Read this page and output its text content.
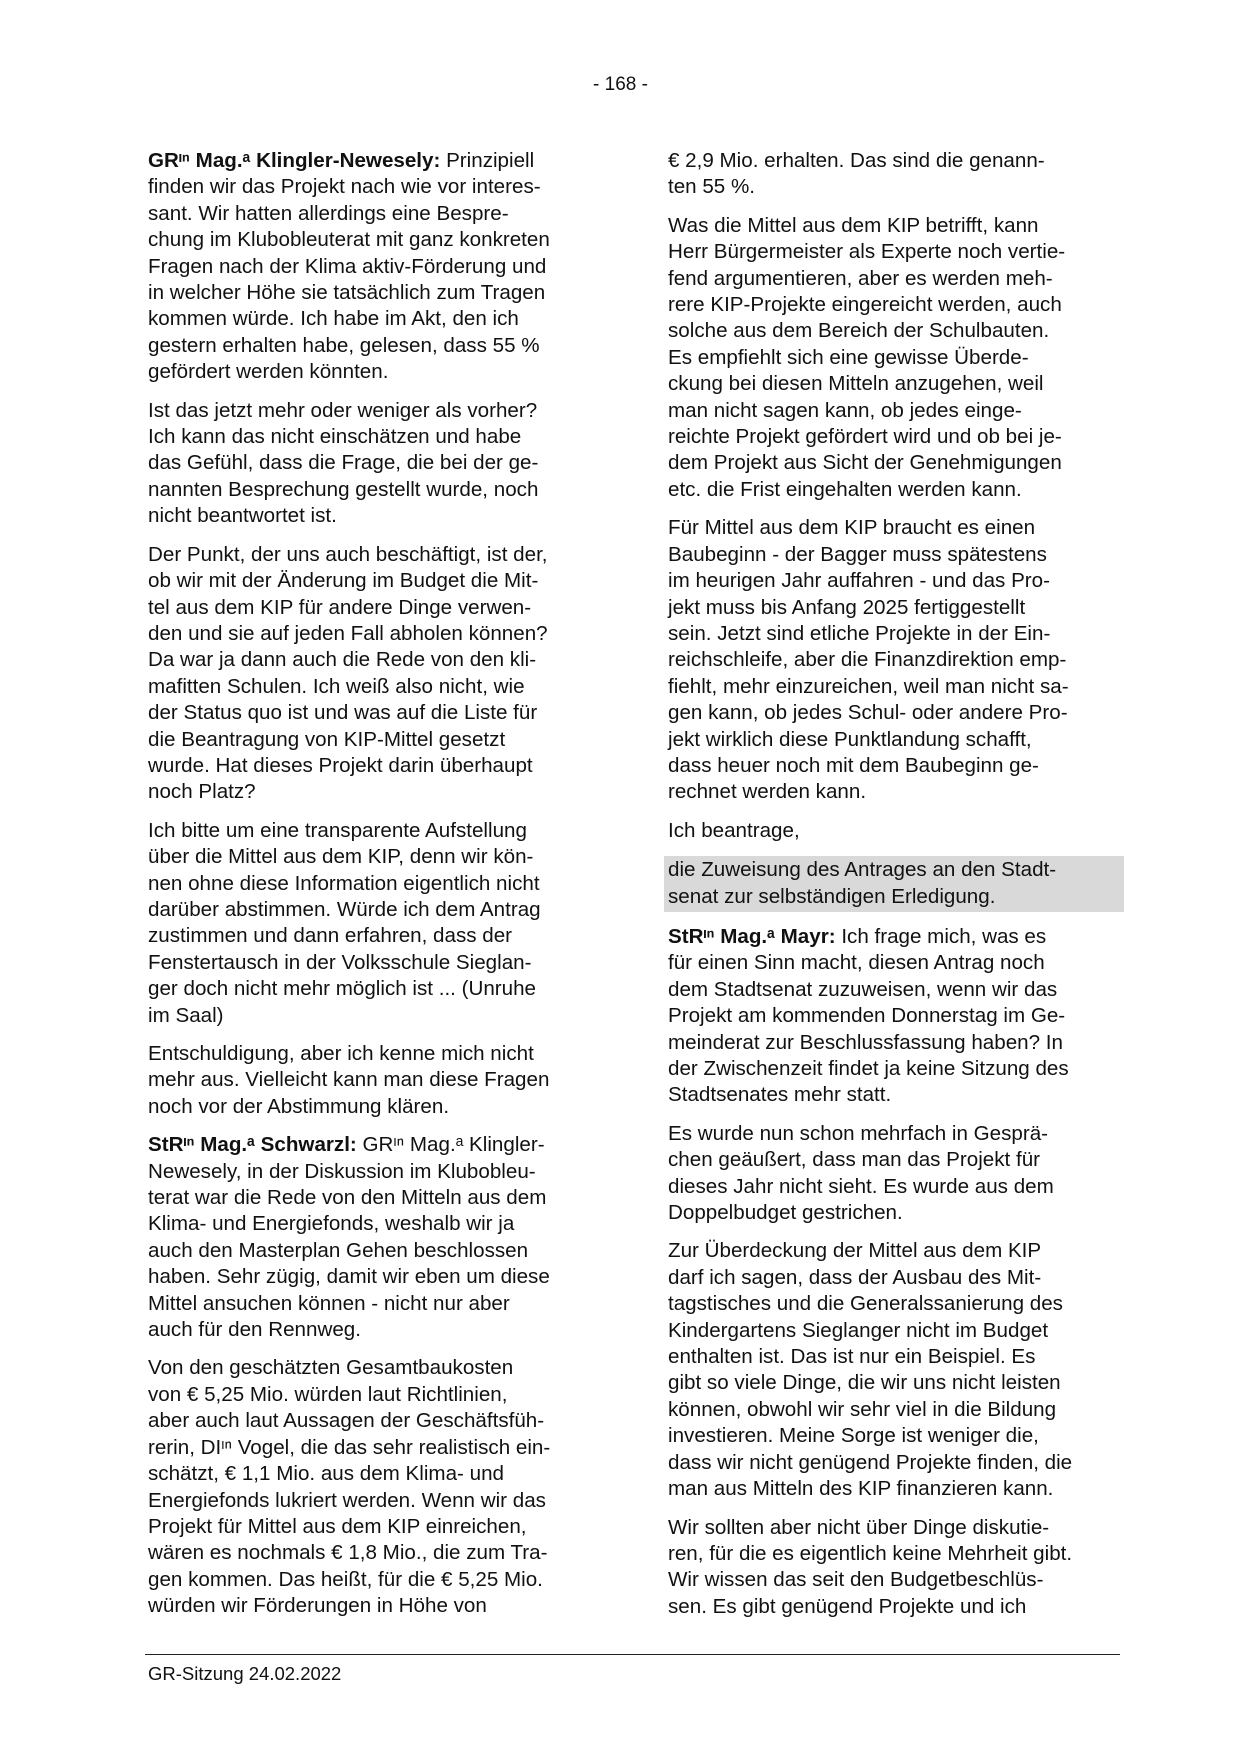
- 168 -

GRᶦⁿ Mag.ᵃ Klingler-Newesely: Prinzipiell
finden wir das Projekt nach wie vor interes-
sant. Wir hatten allerdings eine Bespre-
chung im Klubobleuterat mit ganz konkreten
Fragen nach der Klima aktiv-Förderung und
in welcher Höhe sie tatsächlich zum Tragen
kommen würde. Ich habe im Akt, den ich
gestern erhalten habe, gelesen, dass 55 %
gefördert werden könnten.

Ist das jetzt mehr oder weniger als vorher?
Ich kann das nicht einschätzen und habe
das Gefühl, dass die Frage, die bei der ge-
nannten Besprechung gestellt wurde, noch
nicht beantwortet ist.

Der Punkt, der uns auch beschäftigt, ist der,
ob wir mit der Änderung im Budget die Mit-
tel aus dem KIP für andere Dinge verwen-
den und sie auf jeden Fall abholen können?
Da war ja dann auch die Rede von den kli-
mafitten Schulen. Ich weiß also nicht, wie
der Status quo ist und was auf die Liste für
die Beantragung von KIP-Mittel gesetzt
wurde. Hat dieses Projekt darin überhaupt
noch Platz?

Ich bitte um eine transparente Aufstellung
über die Mittel aus dem KIP, denn wir kön-
nen ohne diese Information eigentlich nicht
darüber abstimmen. Würde ich dem Antrag
zustimmen und dann erfahren, dass der
Fenstertausch in der Volksschule Sieglan-
ger doch nicht mehr möglich ist ... (Unruhe
im Saal)

Entschuldigung, aber ich kenne mich nicht
mehr aus. Vielleicht kann man diese Fragen
noch vor der Abstimmung klären.

StRᶦⁿ Mag.ᵃ Schwarzl: GRᶦⁿ Mag.ᵃ Klingler-
Newesely, in der Diskussion im Klubobleu-
terat war die Rede von den Mitteln aus dem
Klima- und Energiefonds, weshalb wir ja
auch den Masterplan Gehen beschlossen
haben. Sehr zügig, damit wir eben um diese
Mittel ansuchen können - nicht nur aber
auch für den Rennweg.

Von den geschätzten Gesamtbaukosten
von € 5,25 Mio. würden laut Richtlinien,
aber auch laut Aussagen der Geschäftsfüh-
rerin, DIᶦⁿ Vogel, die das sehr realistisch ein-
schätzt, € 1,1 Mio. aus dem Klima- und
Energiefonds lukriert werden. Wenn wir das
Projekt für Mittel aus dem KIP einreichen,
wären es nochmals € 1,8 Mio., die zum Tra-
gen kommen. Das heißt, für die € 5,25 Mio.
würden wir Förderungen in Höhe von

€ 2,9 Mio. erhalten. Das sind die genann-
ten 55 %.

Was die Mittel aus dem KIP betrifft, kann
Herr Bürgermeister als Experte noch vertie-
fend argumentieren, aber es werden meh-
rere KIP-Projekte eingereicht werden, auch
solche aus dem Bereich der Schulbauten.
Es empfiehlt sich eine gewisse Überde-
ckung bei diesen Mitteln anzugehen, weil
man nicht sagen kann, ob jedes einge-
reichte Projekt gefördert wird und ob bei je-
dem Projekt aus Sicht der Genehmigungen
etc. die Frist eingehalten werden kann.

Für Mittel aus dem KIP braucht es einen
Baubeginn - der Bagger muss spätestens
im heurigen Jahr auffahren - und das Pro-
jekt muss bis Anfang 2025 fertiggestellt
sein. Jetzt sind etliche Projekte in der Ein-
reichschleife, aber die Finanzdirektion emp-
fiehlt, mehr einzureichen, weil man nicht sa-
gen kann, ob jedes Schul- oder andere Pro-
jekt wirklich diese Punktlandung schafft,
dass heuer noch mit dem Baubeginn ge-
rechnet werden kann.

Ich beantrage,

die Zuweisung des Antrages an den Stadt-
senat zur selbständigen Erledigung.

StRᶦⁿ Mag.ᵃ Mayr: Ich frage mich, was es
für einen Sinn macht, diesen Antrag noch
dem Stadtsenat zuzuweisen, wenn wir das
Projekt am kommenden Donnerstag im Ge-
meinderat zur Beschlussfassung haben? In
der Zwischenzeit findet ja keine Sitzung des
Stadtsenates mehr statt.

Es wurde nun schon mehrfach in Gesprä-
chen geäußert, dass man das Projekt für
dieses Jahr nicht sieht. Es wurde aus dem
Doppelbudget gestrichen.

Zur Überdeckung der Mittel aus dem KIP
darf ich sagen, dass der Ausbau des Mit-
tagstisches und die Generalssanierung des
Kindergartens Sieglanger nicht im Budget
enthalten ist. Das ist nur ein Beispiel. Es
gibt so viele Dinge, die wir uns nicht leisten
können, obwohl wir sehr viel in die Bildung
investieren. Meine Sorge ist weniger die,
dass wir nicht genügend Projekte finden, die
man aus Mitteln des KIP finanzieren kann.

Wir sollten aber nicht über Dinge diskutie-
ren, für die es eigentlich keine Mehrheit gibt.
Wir wissen das seit den Budgetbeschlüs-
sen. Es gibt genügend Projekte und ich

GR-Sitzung 24.02.2022
